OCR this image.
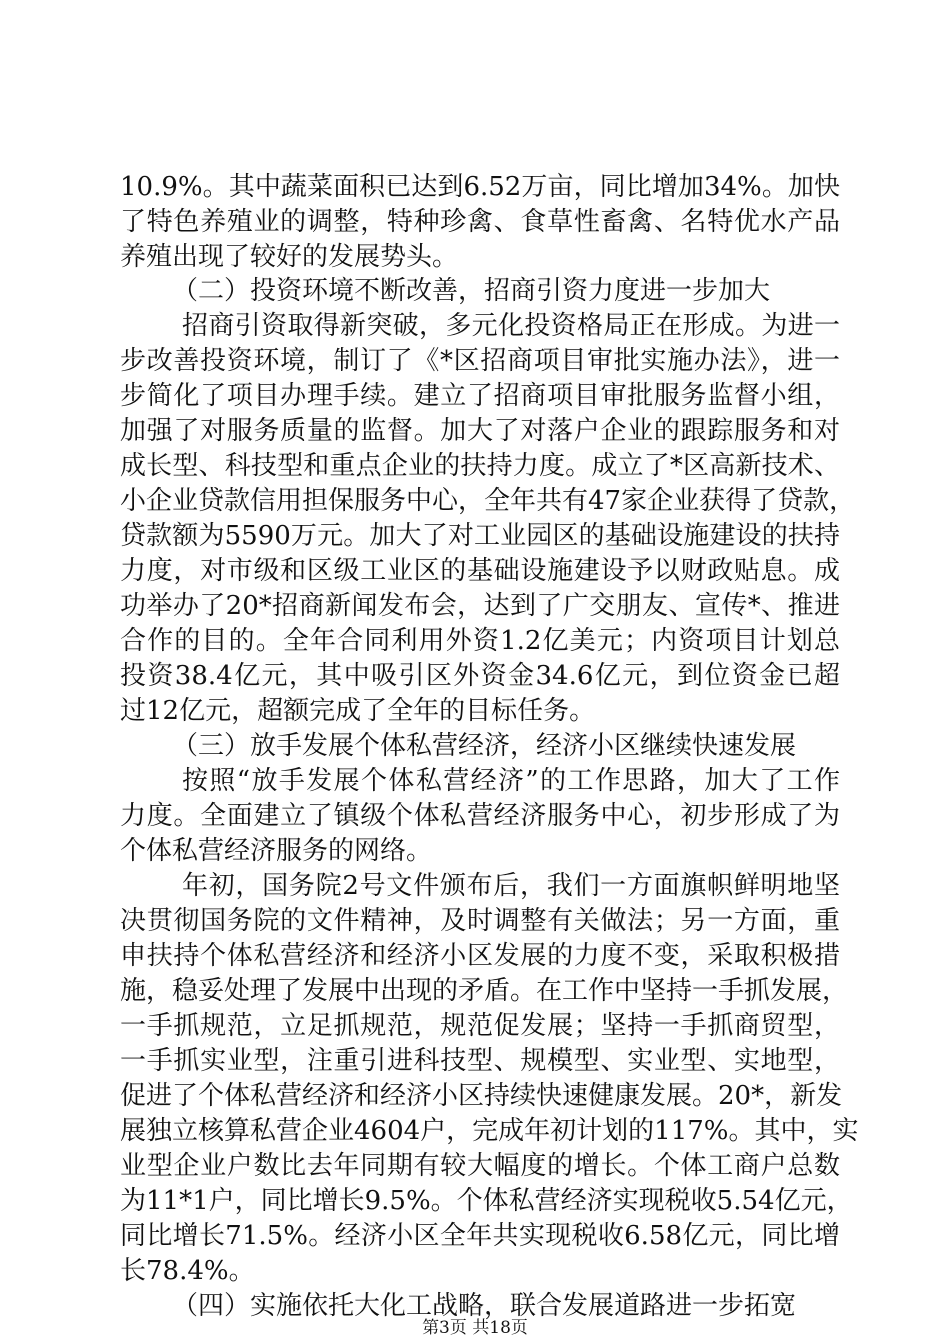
10.9%。其中蔬菜面积已达到6.52万亩，同比增加34%。加快
了特色养殖业的调整，特种珍禽、食草性畜禽、名特优水产品
养殖出现了较好的发展势头。
（二）投资环境不断改善，招商引资力度进一步加大
招商引资取得新突破，多元化投资格局正在形成。为进一
步改善投资环境，制订了《*区招商项目审批实施办法》，进一
步简化了项目办理手续。建立了招商项目审批服务监督小组，
加强了对服务质量的监督。加大了对落户企业的跟踪服务和对
成长型、科技型和重点企业的扶持力度。成立了*区高新技术、
小企业贷款信用担保服务中心，全年共有47家企业获得了贷款，
贷款额为5590万元。加大了对工业园区的基础设施建设的扶持
力度，对市级和区级工业区的基础设施建设予以财政贴息。成
功举办了20*招商新闻发布会，达到了广交朋友、宣传*、推进
合作的目的。全年合同利用外资1.2亿美元；内资项目计划总
投资38.4亿元，其中吸引区外资金34.6亿元，到位资金已超
过12亿元，超额完成了全年的目标任务。
（三）放手发展个体私营经济，经济小区继续快速发展
按照“放手发展个体私营经济”的工作思路，加大了工作
力度。全面建立了镇级个体私营经济服务中心，初步形成了为
个体私营经济服务的网络。
年初，国务院2号文件颁布后，我们一方面旗帜鲜明地坚
决贯彻国务院的文件精神，及时调整有关做法；另一方面，重
申扶持个体私营经济和经济小区发展的力度不变，采取积极措
施，稳妥处理了发展中出现的矛盾。在工作中坚持一手抓发展，
一手抓规范，立足抓规范，规范促发展；坚持一手抓商贸型，
一手抓实业型，注重引进科技型、规模型、实业型、实地型，
促进了个体私营经济和经济小区持续快速健康发展。20*，新发
展独立核算私营企业4604户，完成年初计划的117%。其中，实
业型企业户数比去年同期有较大幅度的增长。个体工商户总数
为11*1户，同比增长9.5%。个体私营经济实现税收5.54亿元，
同比增长71.5%。经济小区全年共实现税收6.58亿元，同比增
长78.4%。
（四）实施依托大化工战略，联合发展道路进一步拓宽
第3页 共18页
